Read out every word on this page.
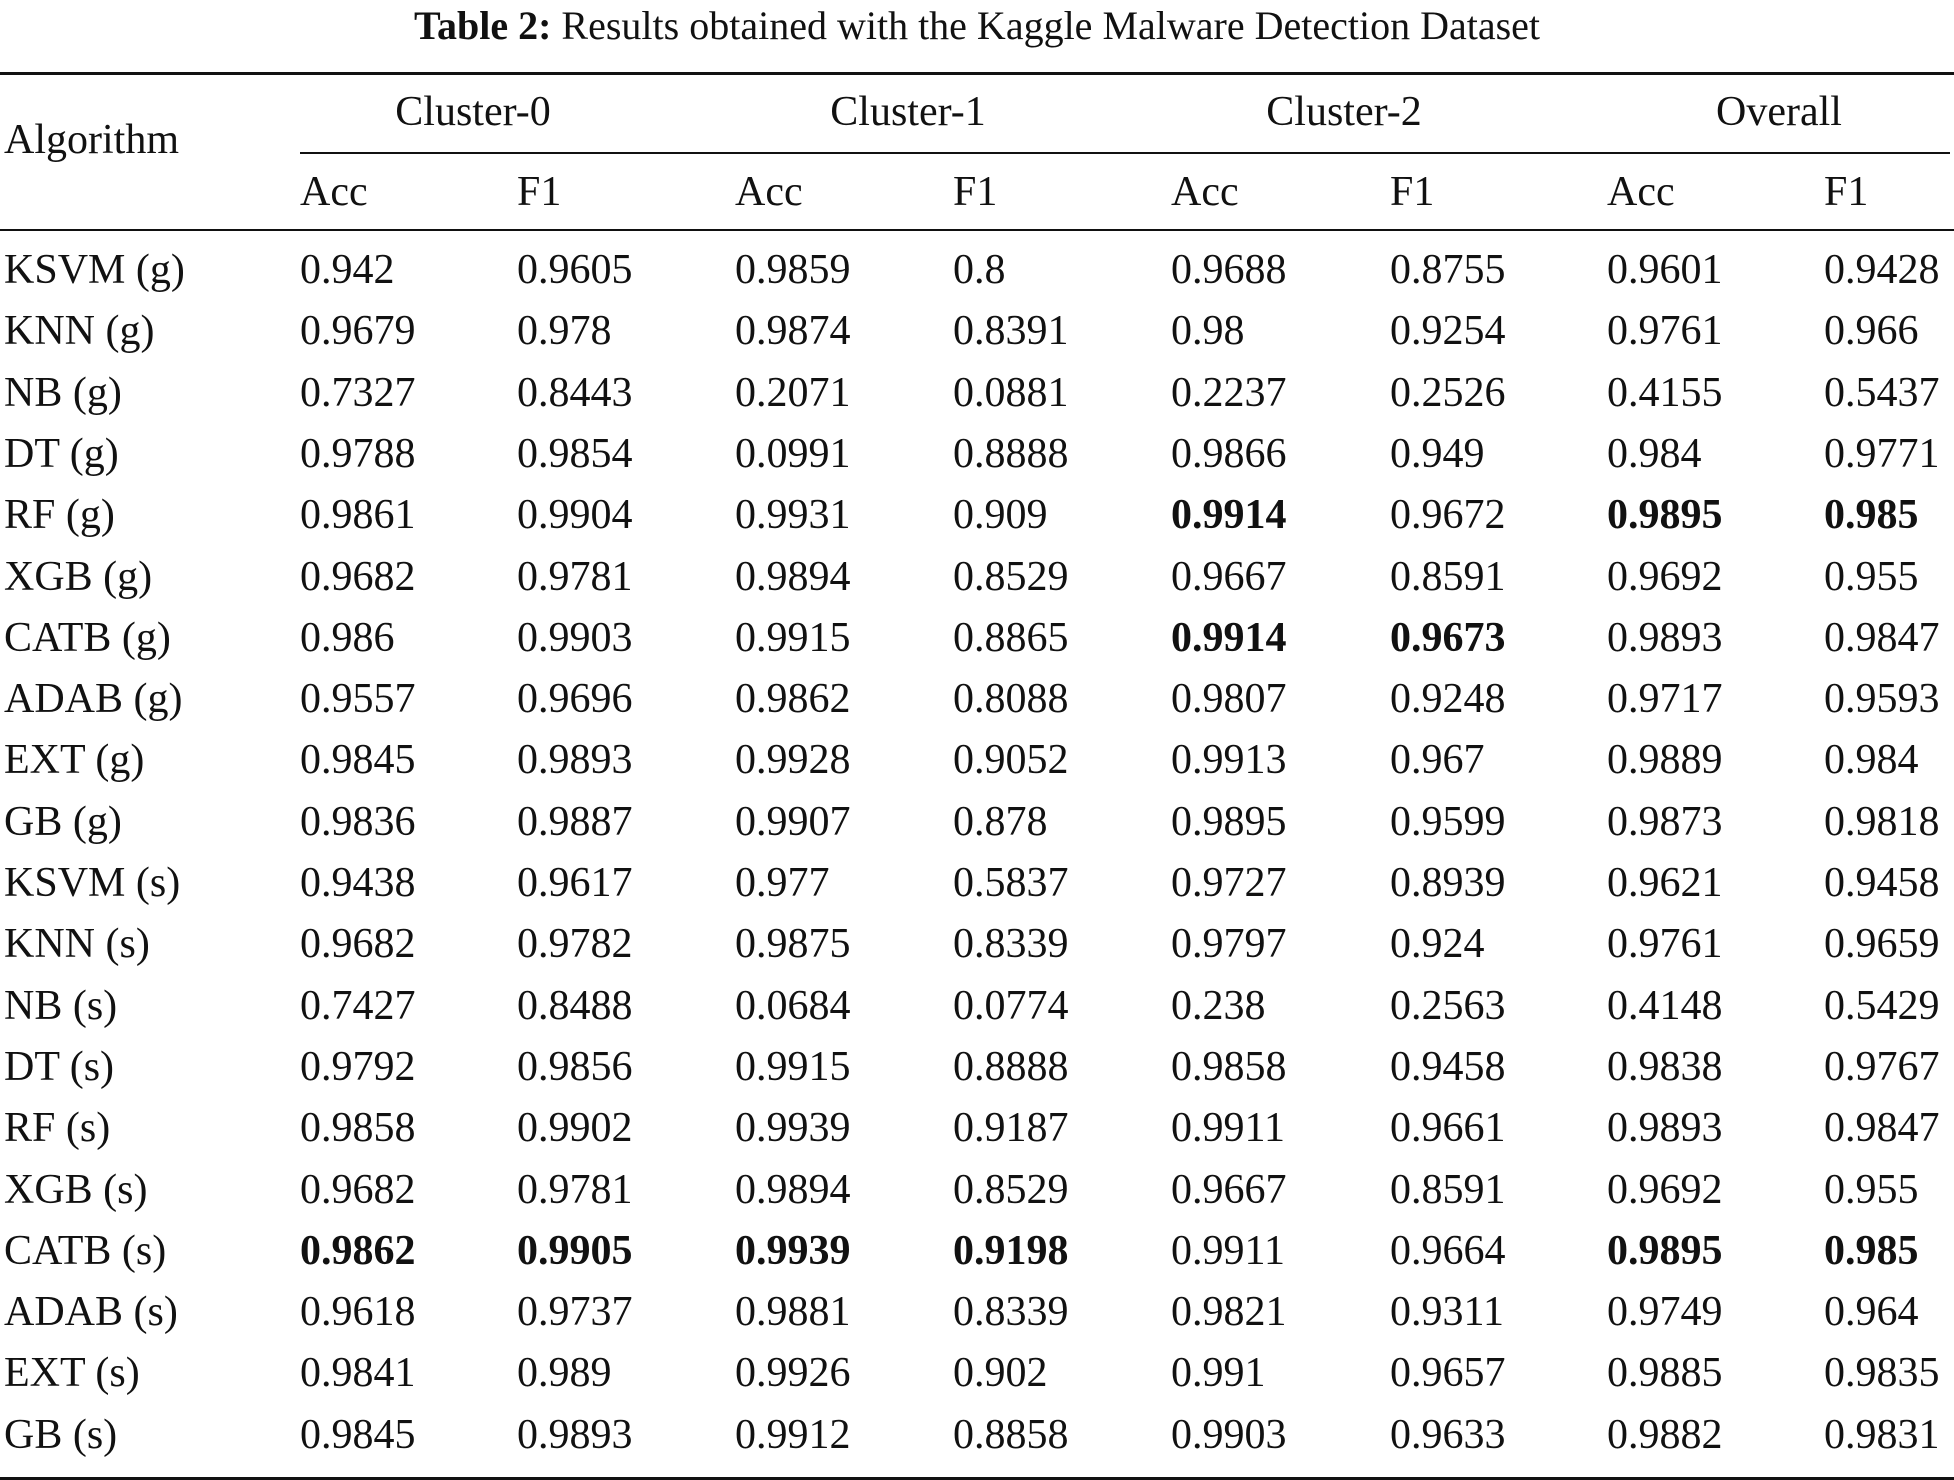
Table 2: Results obtained with the Kaggle Malware Detection Dataset
Algorithm
Cluster-0	Cluster-1	Cluster-2	Overall
Acc	F1	Acc	F1	Acc	F1	Acc	F1
KSVM (g)	0.942	0.9605 0.9859 0.8	0.9688 0.8755 0.9601 0.9428
KNN (g)	0.9679 0.978	0.9874 0.8391 0.98	0.9254 0.9761 0.966
NB (g)	0.7327 0.8443 0.2071 0.0881 0.2237 0.2526 0.4155 0.5437
DT (g)	0.9788 0.9854 0.0991 0.8888 0.9866 0.949	0.984	0.9771
RF (g)	0.9861 0.9904 0.9931 0.909	0.9914 0.9672 0.9895 0.985
XGB (g)	0.9682 0.9781 0.9894 0.8529 0.9667 0.8591 0.9692 0.955
CATB (g)	0.986	0.9903 0.9915 0.8865 0.9914 0.9673 0.9893 0.9847
ADAB (g)	0.9557 0.9696 0.9862 0.8088 0.9807 0.9248 0.9717 0.9593
EXT (g)	0.9845 0.9893 0.9928 0.9052 0.9913 0.967	0.9889 0.984
GB (g)	0.9836 0.9887 0.9907 0.878	0.9895 0.9599 0.9873 0.9818
KSVM (s)	0.9438 0.9617 0.977	0.5837 0.9727 0.8939 0.9621 0.9458
KNN (s)	0.9682 0.9782 0.9875 0.8339 0.9797 0.924	0.9761 0.9659
NB (s)	0.7427 0.8488 0.0684 0.0774 0.238	0.2563 0.4148 0.5429
DT (s)	0.9792 0.9856 0.9915 0.8888 0.9858 0.9458 0.9838 0.9767
RF (s)	0.9858 0.9902 0.9939 0.9187 0.9911	0.9661 0.9893 0.9847
XGB (s)	0.9682 0.9781 0.9894 0.8529 0.9667 0.8591 0.9692 0.955
CATB (s)	0.9862 0.9905 0.9939 0.9198 0.9911	0.9664 0.9895 0.985
ADAB (s)	0.9618 0.9737 0.9881 0.8339 0.9821 0.9311 0.9749 0.964
EXT (s)	0.9841 0.989	0.9926 0.902	0.991	0.9657 0.9885 0.9835
GB (s)	0.9845 0.9893 0.9912 0.8858 0.9903 0.9633 0.9882 0.9831
